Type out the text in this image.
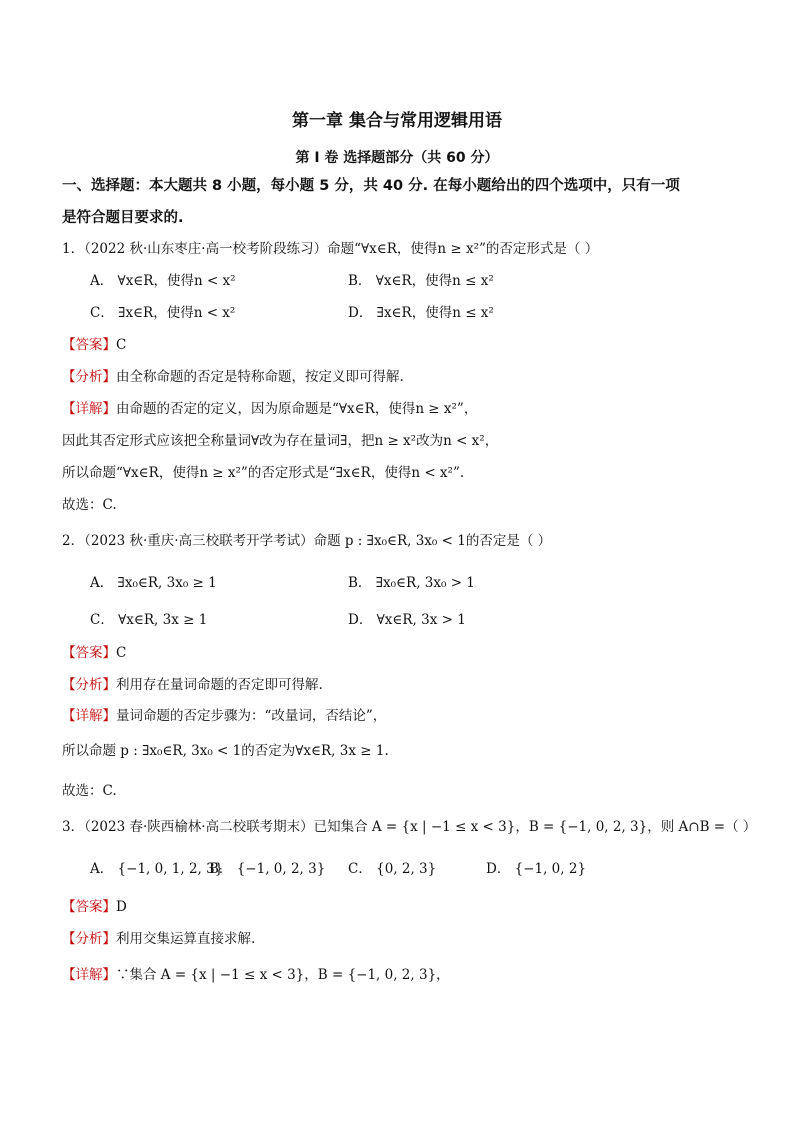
第一章 集合与常用逻辑用语
第 I 卷 选择题部分（共 60 分）
一、选择题：本大题共 8 小题，每小题 5 分，共 40 分. 在每小题给出的四个选项中，只有一项
是符合题目要求的.
1．（2022 秋·山东枣庄·高一校考阶段练习）命题“∀x∈R，使得n ≥ x²”的否定形式是（ ）
A． ∀x∈R，使得n < x²	B． ∀x∈R，使得n ≤ x²
C． ∃x∈R，使得n < x²	D． ∃x∈R，使得n ≤ x²
【答案】C
【分析】由全称命题的否定是特称命题，按定义即可得解.
【详解】由命题的否定的定义，因为原命题是“∀x∈R，使得n ≥ x²”，
因此其否定形式应该把全称量词∀改为存在量词∃，把n ≥ x²改为n < x²，
所以命题“∀x∈R，使得n ≥ x²”的否定形式是“∃x∈R，使得n < x²”.
故选：C.
2．（2023 秋·重庆·高三校联考开学考试）命题 p : ∃x₀∈R, 3x₀ < 1的否定是（ ）
A． ∃x₀∈R, 3x₀ ≥ 1	B． ∃x₀∈R, 3x₀ > 1
C． ∀x∈R, 3x ≥ 1	D． ∀x∈R, 3x > 1
【答案】C
【分析】利用存在量词命题的否定即可得解.
【详解】量词命题的否定步骤为：“改量词，否结论”，
所以命题 p : ∃x₀∈R, 3x₀ < 1的否定为∀x∈R, 3x ≥ 1.
故选：C.
3．（2023 春·陕西榆林·高二校联考期末）已知集合 A = {x | −1 ≤ x < 3}，B = {−1, 0, 2, 3}，则 A∩B =（ ）
A． {−1, 0, 1, 2, 3}
B． {−1, 0, 2, 3} C． {0, 2, 3}	D． {−1, 0, 2}
【答案】D
【分析】利用交集运算直接求解.
【详解】∵集合 A = {x | −1 ≤ x < 3}，B = {−1, 0, 2, 3}，
